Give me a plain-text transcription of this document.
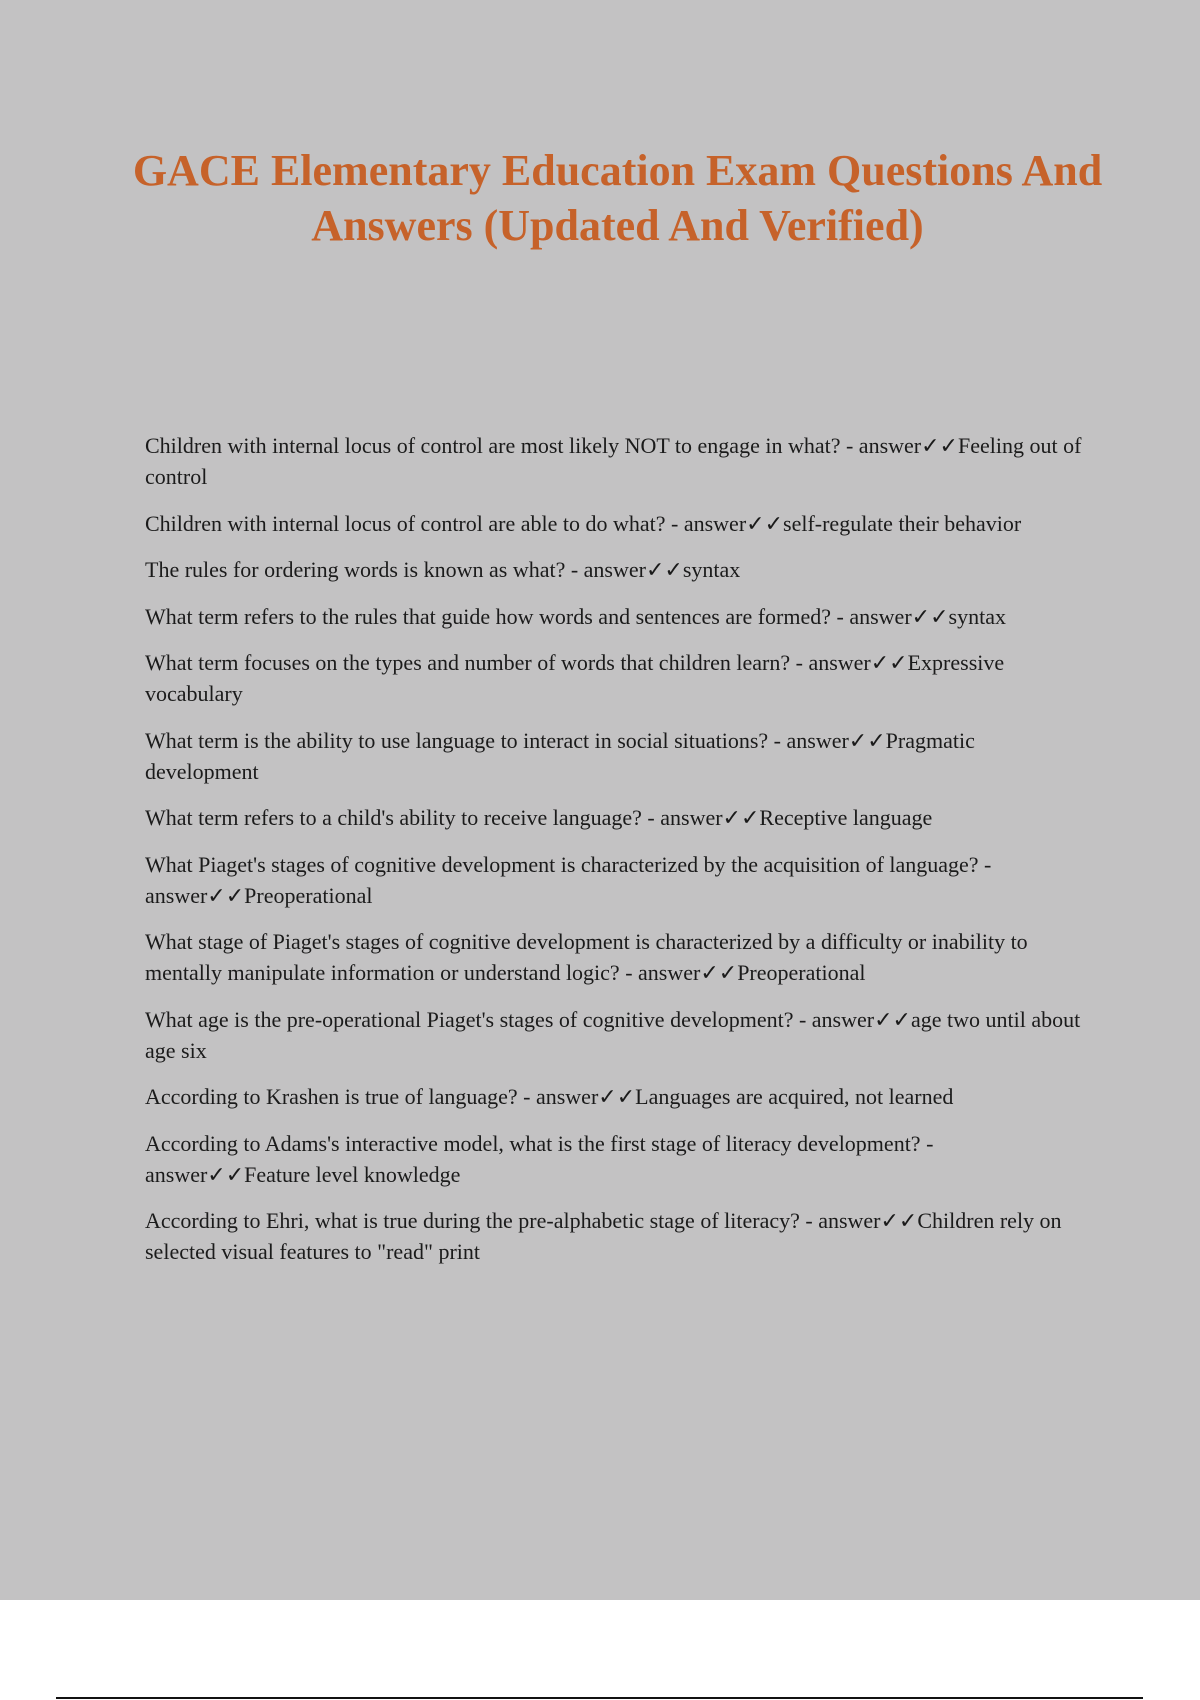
GACE Elementary Education Exam Questions And Answers (Updated And Verified)
Children with internal locus of control are most likely NOT to engage in what? - answer✓✓Feeling out of control
Children with internal locus of control are able to do what? - answer✓✓self-regulate their behavior
The rules for ordering words is known as what? - answer✓✓syntax
What term refers to the rules that guide how words and sentences are formed? - answer✓✓syntax
What term focuses on the types and number of words that children learn? - answer✓✓Expressive vocabulary
What term is the ability to use language to interact in social situations? - answer✓✓Pragmatic development
What term refers to a child's ability to receive language? - answer✓✓Receptive language
What Piaget's stages of cognitive development is characterized by the acquisition of language? - answer✓✓Preoperational
What stage of Piaget's stages of cognitive development is characterized by a difficulty or inability to mentally manipulate information or understand logic? - answer✓✓Preoperational
What age is the pre-operational Piaget's stages of cognitive development? - answer✓✓age two until about age six
According to Krashen is true of language? - answer✓✓Languages are acquired, not learned
According to Adams's interactive model, what is the first stage of literacy development? - answer✓✓Feature level knowledge
According to Ehri, what is true during the pre-alphabetic stage of literacy? - answer✓✓Children rely on selected visual features to "read" print
